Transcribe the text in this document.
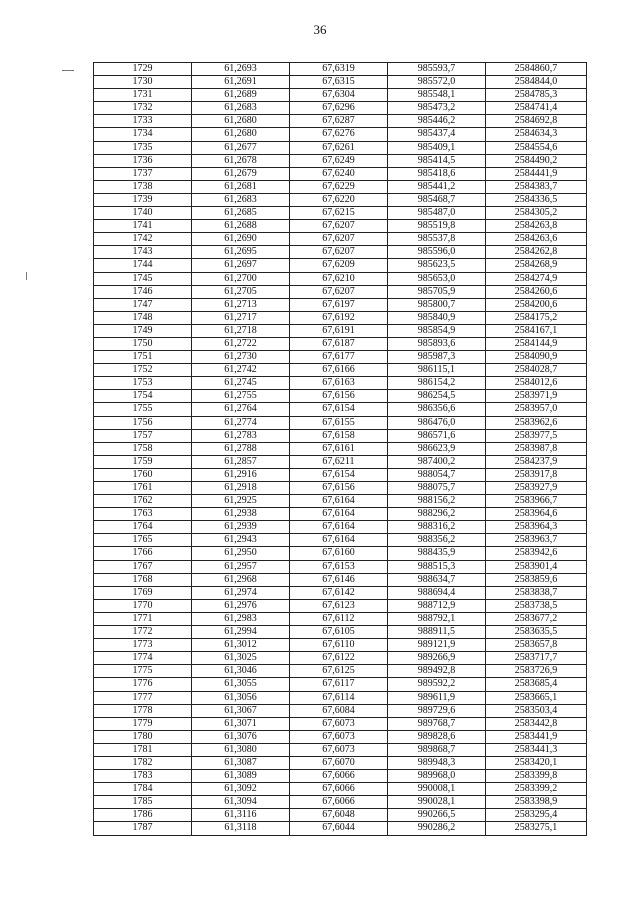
36
1729	61,2693	67,6319	985593,7	2584860,7
1730	61,2691	67,6315	985572,0	2584844,0
1731	61,2689	67,6304	985548,1	2584785,3
1732	61,2683	67,6296	985473,2	2584741,4
1733	61,2680	67,6287	985446,2	2584692,8
1734	61,2680	67,6276	985437,4	2584634,3
1735	61,2677	67,6261	985409,1	2584554,6
1736	61,2678	67,6249	985414,5	2584490,2
1737	61,2679	67,6240	985418,6	2584441,9
1738	61,2681	67,6229	985441,2	2584383,7
1739	61,2683	67,6220	985468,7	2584336,5
1740	61,2685	67,6215	985487,0	2584305,2
1741	61,2688	67,6207	985519,8	2584263,8
1742	61,2690	67,6207	985537,8	2584263,6
1743	61,2695	67,6207	985596,0	2584262,8
1744	61,2697	67,6209	985623,5	2584268,9
1745	61,2700	67,6210	985653,0	2584274,9
1746	61,2705	67,6207	985705,9	2584260,6
1747	61,2713	67,6197	985800,7	2584200,6
1748	61,2717	67,6192	985840,9	2584175,2
1749	61,2718	67,6191	985854,9	2584167,1
1750	61,2722	67,6187	985893,6	2584144,9
1751	61,2730	67,6177	985987,3	2584090,9
1752	61,2742	67,6166	986115,1	2584028,7
1753	61,2745	67,6163	986154,2	2584012,6
1754	61,2755	67,6156	986254,5	2583971,9
1755	61,2764	67,6154	986356,6	2583957,0
1756	61,2774	67,6155	986476,0	2583962,6
1757	61,2783	67,6158	986571,6	2583977,5
1758	61,2788	67,6161	986623,9	2583987,8
1759	61,2857	67,6211	987400,2	2584237,9
1760	61,2916	67,6154	988054,7	2583917,8
1761	61,2918	67,6156	988075,7	2583927,9
1762	61,2925	67,6164	988156,2	2583966,7
1763	61,2938	67,6164	988296,2	2583964,6
1764	61,2939	67,6164	988316,2	2583964,3
1765	61,2943	67,6164	988356,2	2583963,7
1766	61,2950	67,6160	988435,9	2583942,6
1767	61,2957	67,6153	988515,3	2583901,4
1768	61,2968	67,6146	988634,7	2583859,6
1769	61,2974	67,6142	988694,4	2583838,7
1770	61,2976	67,6123	988712,9	2583738,5
1771	61,2983	67,6112	988792,1	2583677,2
1772	61,2994	67,6105	988911,5	2583635,5
1773	61,3012	67,6110	989121,9	2583657,8
1774	61,3025	67,6122	989266,9	2583717,7
1775	61,3046	67,6125	989492,8	2583726,9
1776	61,3055	67,6117	989592,2	2583685,4
1777	61,3056	67,6114	989611,9	2583665,1
1778	61,3067	67,6084	989729,6	2583503,4
1779	61,3071	67,6073	989768,7	2583442,8
1780	61,3076	67,6073	989828,6	2583441,9
1781	61,3080	67,6073	989868,7	2583441,3
1782	61,3087	67,6070	989948,3	2583420,1
1783	61,3089	67,6066	989968,0	2583399,8
1784	61,3092	67,6066	990008,1	2583399,2
1785	61,3094	67,6066	990028,1	2583398,9
1786	61,3116	67,6048	990266,5	2583295,4
1787	61,3118	67,6044	990286,2	2583275,1
